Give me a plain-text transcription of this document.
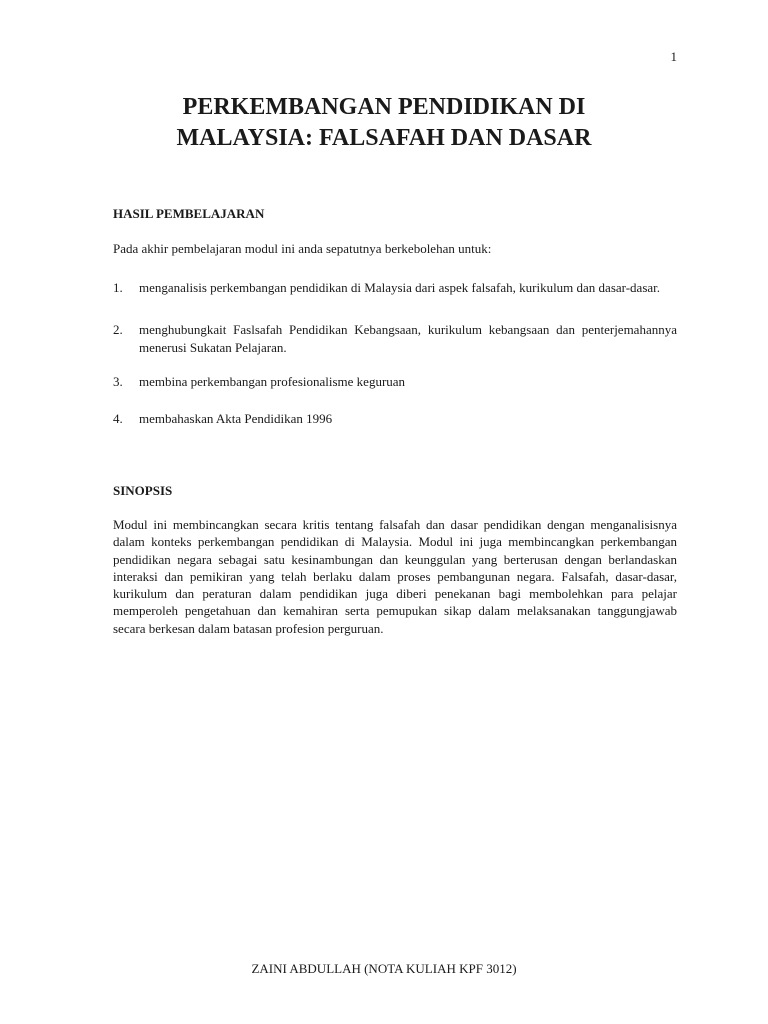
1
PERKEMBANGAN PENDIDIKAN DI
MALAYSIA: FALSAFAH DAN DASAR
HASIL PEMBELAJARAN

Pada akhir pembelajaran modul ini anda sepatutnya berkebolehan untuk:

1.	menganalisis perkembangan pendidikan di Malaysia dari aspek falsafah, kurikulum dan dasar-dasar.
2.	menghubungkait Faslsafah Pendidikan Kebangsaan, kurikulum kebangsaan dan penterjemahannya menerusi Sukatan Pelajaran.
3.	membina perkembangan profesionalisme keguruan
4.	membahaskan Akta Pendidikan 1996
SINOPSIS

Modul ini membincangkan secara kritis tentang falsafah dan dasar pendidikan dengan menganalisisnya dalam konteks perkembangan pendidikan di Malaysia. Modul ini juga membincangkan perkembangan pendidikan negara sebagai satu kesinambungan dan keunggulan yang berterusan dengan berlandaskan interaksi dan pemikiran yang telah berlaku dalam proses pembangunan negara. Falsafah, dasar-dasar, kurikulum dan peraturan dalam pendidikan juga diberi penekanan bagi membolehkan para pelajar memperoleh pengetahuan dan kemahiran serta pemupukan sikap dalam melaksanakan tanggungjawab secara berkesan dalam batasan profesion perguruan.

ZAINI ABDULLAH (NOTA KULIAH KPF 3012)
